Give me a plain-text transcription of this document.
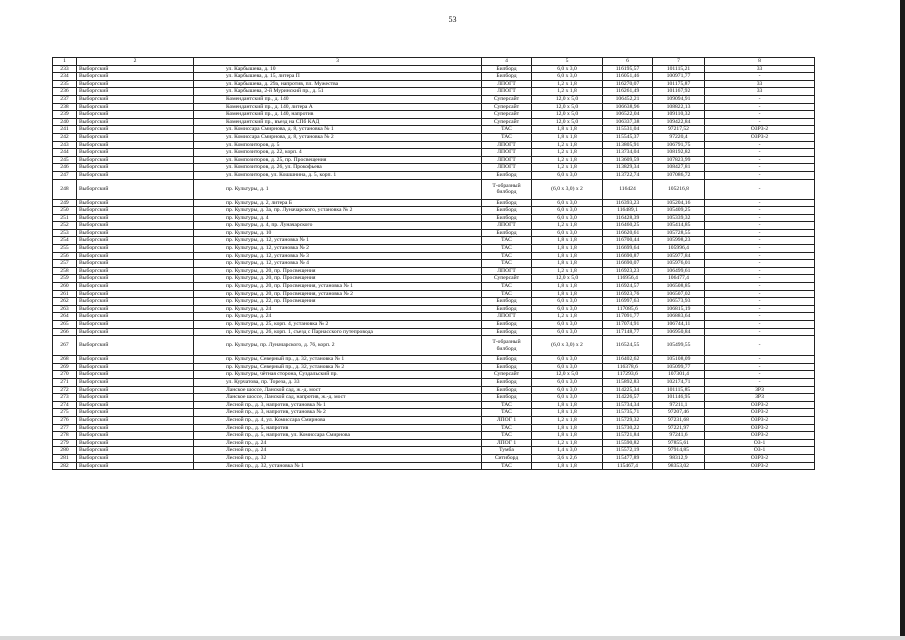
53
1	2	3	4	5	6	7	8
233	Выборгский	ул. Карбышева, д. 10	Билборд	6,0 x 3,0	116195,57	101115,21	33
234	Выборгский	ул. Карбышева, д. 15, литера П	Билборд	6,0 x 3,0	116051,46	100971,77	-
235	Выборгский	ул. Карбышева, д. 29а, напротив, пл. Мужества	ЛПОГТ	1,2 x 1,8	116270,07	101175,87	33
236	Выборгский	ул. Карбышева, 2-й Муринский пр., д. 51	ЛПОГТ	1,2 x 1,8	116261,49	101167,92	33
237	Выборгский	Комендантский пр., д. 140	Суперсайт	12,0 x 5,0	106452,21	109094,91	-
238	Выборгский	Комендантский пр., д. 140, литера А	Суперсайт	12,0 x 5,0	106638,96	108822,13	-
239	Выборгский	Комендантский пр., д. 140, напротив	Суперсайт	12,0 x 5,0	106522,04	109110,32	-
240	Выборгский	Комендантский пр., въезд на СПб КАД	Суперсайт	12,0 x 5,0	106337,38	109422,84	-
241	Выборгский	ул. Комиссара Смирнова, д. 8, установка № 1	ТАС	1,8 x 1,8	115531,04	97217,52	ОЗРЗ-2
242	Выборгский	ул. Комиссара Смирнова, д. 8, установка № 2	ТАС	1,8 x 1,8	115545,37	97220,4	ОЗРЗ-2
243	Выборгский	ул. Композиторов, д. 5	ЛПОГТ	1,2 x 1,8	113805,91	106791,75	-
244	Выборгский	ул. Композиторов, д. 22, корп. 4	ЛПОГТ	1,2 x 1,8	113734,04	108192,82	-
245	Выборгский	ул. Композиторов, д. 25, пр. Просвещения	ЛПОГТ	1,2 x 1,8	113609,59	107823,99	-
246	Выборгский	ул. Композиторов, д. 26, ул. Прокофьева	ЛПОГТ	1,2 x 1,8	113829,34	108427,81	-
247	Выборгский	ул. Композиторов, ул. Кошшнина, д. 5, корп. 1	Билборд	6,0 x 3,0	113722,74	107086,72	-
248	Выборгский	пр. Культуры, д. 1	Т-образный билборд	(6,0 x 3,0) x 2	116424	105216,8	-
249	Выборгский	пр. Культуры, д. 2, литера Б	Билборд	6,0 x 3,0	116393,23	105204,16	-
250	Выборгский	пр. Культуры, д. 3а, пр. Луначарского, установка № 2	Билборд	6,0 x 3,0	116489,1	105409,25	-
251	Выборгский	пр. Культуры, д. 4	Билборд	6,0 x 3,0	116428,39	105339,32	-
252	Выборгский	пр. Культуры, д. 4, пр. Луначарского	ЛПОГТ	1,2 x 1,8	116460,25	105414,85	-
253	Выборгский	пр. Культуры, д. 10	Билборд	6,0 x 3,0	116620,61	105728,55	-
254	Выборгский	пр. Культуры, д. 12, установка № 1	ТАС	1,8 x 1,8	116700,44	105998,23	-
255	Выборгский	пр. Культуры, д. 12, установка № 2	ТАС	1,8 x 1,8	116699,64	105996,4	-
256	Выборгский	пр. Культуры, д. 12, установка № 3	ТАС	1,8 x 1,8	116690,87	105977,84	-
257	Выборгский	пр. Культуры, д. 12, установка № 4	ТАС	1,8 x 1,8	116690,07	105976,01	-
258	Выборгский	пр. Культуры, д. 20, пр. Просвещения	ЛПОГТ	1,2 x 1,8	116923,23	106499,61	-
259	Выборгский	пр. Культуры, д. 20, пр. Просвещения	Суперсайт	12,0 x 5,0	116956,4	106477,4	-
260	Выборгский	пр. Культуры, д. 20, пр. Просвещения, установка № 1	ТАС	1,8 x 1,8	116924,57	106508,85	-
261	Выборгский	пр. Культуры, д. 20, пр. Просвещения, установка № 2	ТАС	1,8 x 1,8	116923,76	106507,02	-
262	Выборгский	пр. Культуры, д. 22, пр. Просвещения	Билборд	6,0 x 3,0	116997,63	106573,93	-
263	Выборгский	пр. Культуры, д. 24	Билборд	6,0 x 3,0	117085,6	106815,19	-
264	Выборгский	пр. Культуры, д. 24	ЛПОГТ	1,2 x 1,8	117091,77	106883,64	-
265	Выборгский	пр. Культуры, д. 25, корп. 4, установка № 2	Билборд	6,0 x 3,0	117074,91	106744,11	-
266	Выборгский	пр. Культуры, д. 26, корп. 1, съезд с Парнасского путепровода	Билборд	6,0 x 3,0	117148,77	106950,84	-
267	Выборгский	пр. Культуры, пр. Луначарского, д. 76, корп. 2	Т-образный билборд	(6,0 x 3,0) x 2	116524,55	105499,55	-
268	Выборгский	пр. Культуры, Северный пр., д. 32, установка № 1	Билборд	6,0 x 3,0	116402,62	105108,09	-
269	Выборгский	пр. Культуры, Северный пр., д. 32, установка № 2	Билборд	6,0 x 3,0	116378,6	105099,77	-
270	Выборгский	пр. Культуры, чётная сторона, Суздальский пр.	Суперсайт	12,0 x 5,0	117293,6	107301,4	-
271	Выборгский	ул. Курчатова, пр. Тореза, д. 33	Билборд	6,0 x 3,0	115892,83	102174,71	-
272	Выборгский	Ланское шоссе, Ланской сад, ж.-д. мост	Билборд	6,0 x 3,0	114225,34	101115,85	ЗРЗ
273	Выборгский	Ланское шоссе, Ланской сад, напротив, ж.-д. мост	Билборд	6,0 x 3,0	114226,57	101146,95	ЗРЗ
274	Выборгский	Лесной пр., д. 3, напротив, установка № 1	ТАС	1,8 x 1,8	115734,34	97211,1	ОЗРЗ-2
275	Выборгский	Лесной пр., д. 3, напротив, установка № 2	ТАС	1,8 x 1,8	115735,71	97207,46	ОЗРЗ-2
276	Выборгский	Лесной пр., д. 4, ул. Комиссара Смирнова	ЛПОГ 1	1,2 x 1,8	115729,32	97231,68	ОЗРЗ-2
277	Выборгский	Лесной пр., д. 5, напротив	ТАС	1,8 x 1,8	115730,22	97221,97	ОЗРЗ-2
278	Выборгский	Лесной пр., д. 5, напротив, ул. Комиссара Смирнова	ТАС	1,8 x 1,8	115721,84	97241,6	ОЗРЗ-2
279	Выборгский	Лесной пр., д. 24	ЛПОГ 1	1,2 x 1,8	115590,82	97855,61	ОЗ-1
280	Выборгский	Лесной пр., д. 24	Тумба	1,4 x 3,0	115572,19	97914,85	ОЗ-1
281	Выборгский	Лесной пр., д. 32	Ситиборд	3,6 x 2,6	115477,89	98312,9	ОЗРЗ-2
282	Выборгский	Лесной пр., д. 32, установка № 1	ТАС	1,8 x 1,8	115467,4	98353,02	ОЗРЗ-2
